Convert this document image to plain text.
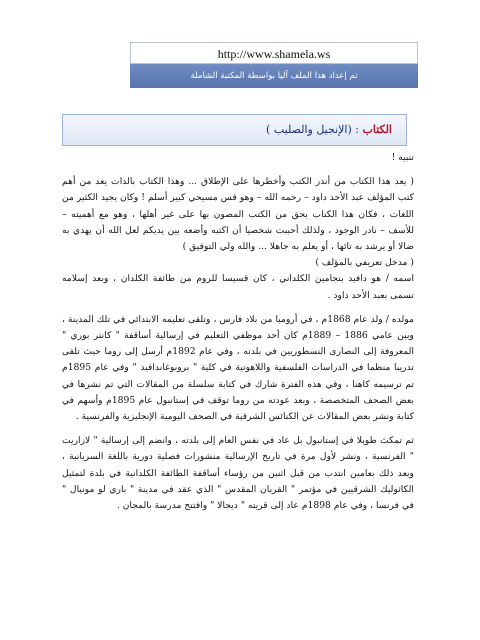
http://www.shamela.ws
تم إعداد هذا الملف آليا بواسطة المكتبة الشاملة
الكتاب : (الإنجيل والصليب )

تنبيه !

( يعد هذا الكتاب من أندر الكتب وأخطرها على الإطلاق ... وهذا الكتاب بالذات يعد من أهم كتب المؤلف عبد الأحد داود – رحمه الله – وهو قس مسيحي كبير أسلم ! وكان يجيد الكثير من اللغات ، فكان هذا الكتاب بحق من الكتب المصون بها على غير أهلها ، وهو مع أهميته – للأسف – نادر الوجود ، ولذلك أحببت شخصيا أن اكتبه وأضعه بين يديكم لعل الله أن يهدي به ضالا أو يرشد به تائها ، أو يعلم به جاهلا ... والله ولي التوفيق )

( مدخل تعريفي بالمؤلف )

اسمه / هو دافيد بنجامين الكلداني ، كان قسيسا للروم من طائفة الكلدان ، وبعد إسلامه تسمى بعبد الأحد داود .

مولده / ولد عام 1868م ، في أرومبا من بلاد فارس ، وتلقى تعليمه الابتدائي في تلك المدينة ، وبين عامي 1886 – 1889م كان أحد موظفي التعليم في إرسالية أساقفة " كانتر بوري " المعروفة إلى النصارى النسطوريين في بلدته ، وفي عام 1892م أرسل إلى روما حيث تلقى تدريبا منظما في الدراسات الفلسفية واللاهوتية في كلية " بروبوغاندافيد " وفي عام 1895م تم ترسيمه كاهنا ، وفي هذه الفترة شارك في كتابة سلسلة من المقالات التي تم نشرها في بعض الصحف المتخصصة ، وبعد عودته من روما توقف في إستانبول عام 1895م وأسهم في كتابة ونشر بعض المقالات عن الكنائس الشرقية في الصحف اليومية الإنجليزية والفرنسية .

ثم تمكث طويلا في إستانبول بل عاد في نفس العام إلى بلدته ، وانضم إلى إرسالية " لازاريت " الفرنسية ، ونشر لأول مرة في تاريخ الإرسالية منشورات فصلية دورية باللغة السريانية ، وبعد ذلك بعامين انتدب من قبل اثنين من رؤساء أساقفة الطائفة الكلدانية في بلدة لتمثيل الكاثوليك الشرقيين في مؤتمر " القربان المقدس " الذي عقد في مدينة " باري لو مونيال " في فرنسا ، وفي عام 1898م عاد إلى قريته " ديجالا " وافتتح مدرسة بالمجان .
